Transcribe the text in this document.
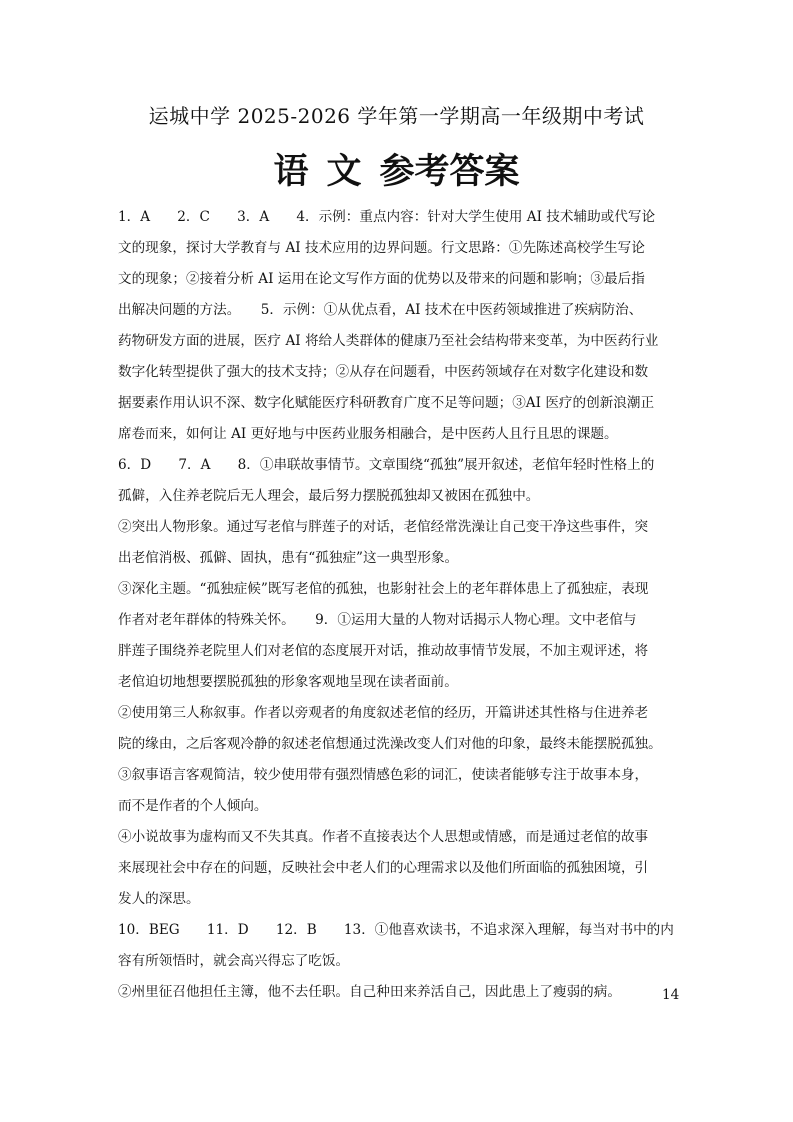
运城中学 2025-2026 学年第一学期高一年级期中考试
语 文 参考答案
1．A　　2．C　　3．A　　4．示例：重点内容：针对大学生使用 AI 技术辅助或代写论
文的现象，探讨大学教育与 AI 技术应用的边界问题。行文思路：①先陈述高校学生写论
文的现象；②接着分析 AI 运用在论文写作方面的优势以及带来的问题和影响；③最后指
出解决问题的方法。　　5．示例：①从优点看，AI 技术在中医药领域推进了疾病防治、
药物研发方面的进展，医疗 AI 将给人类群体的健康乃至社会结构带来变革，为中医药行业
数字化转型提供了强大的技术支持；②从存在问题看，中医药领域存在对数字化建设和数
据要素作用认识不深、数字化赋能医疗科研教育广度不足等问题；③AI 医疗的创新浪潮正
席卷而来，如何让 AI 更好地与中医药业服务相融合，是中医药人且行且思的课题。
6．D　　7．A　　8．①串联故事情节。文章围绕“孤独”展开叙述，老倌年轻时性格上的
孤僻，入住养老院后无人理会，最后努力摆脱孤独却又被困在孤独中。
②突出人物形象。通过写老倌与胖莲子的对话，老倌经常洗澡让自己变干净这些事件，突
出老倌消极、孤僻、固执，患有“孤独症”这一典型形象。
③深化主题。“孤独症候”既写老倌的孤独，也影射社会上的老年群体患上了孤独症，表现
作者对老年群体的特殊关怀。　　9．①运用大量的人物对话揭示人物心理。文中老倌与
胖莲子围绕养老院里人们对老倌的态度展开对话，推动故事情节发展，不加主观评述，将
老倌迫切地想要摆脱孤独的形象客观地呈现在读者面前。
②使用第三人称叙事。作者以旁观者的角度叙述老倌的经历，开篇讲述其性格与住进养老
院的缘由，之后客观冷静的叙述老倌想通过洗澡改变人们对他的印象，最终未能摆脱孤独。
③叙事语言客观简洁，较少使用带有强烈情感色彩的词汇，使读者能够专注于故事本身，
而不是作者的个人倾向。
④小说故事为虚构而又不失其真。作者不直接表达个人思想或情感，而是通过老倌的故事
来展现社会中存在的问题，反映社会中老人们的心理需求以及他们所面临的孤独困境，引
发人的深思。
10．BEG　　11．D　　12．B　　13．①他喜欢读书，不追求深入理解，每当对书中的内
容有所领悟时，就会高兴得忘了吃饭。
②州里征召他担任主簿，他不去任职。自己种田来养活自己，因此患上了瘦弱的病。	14
